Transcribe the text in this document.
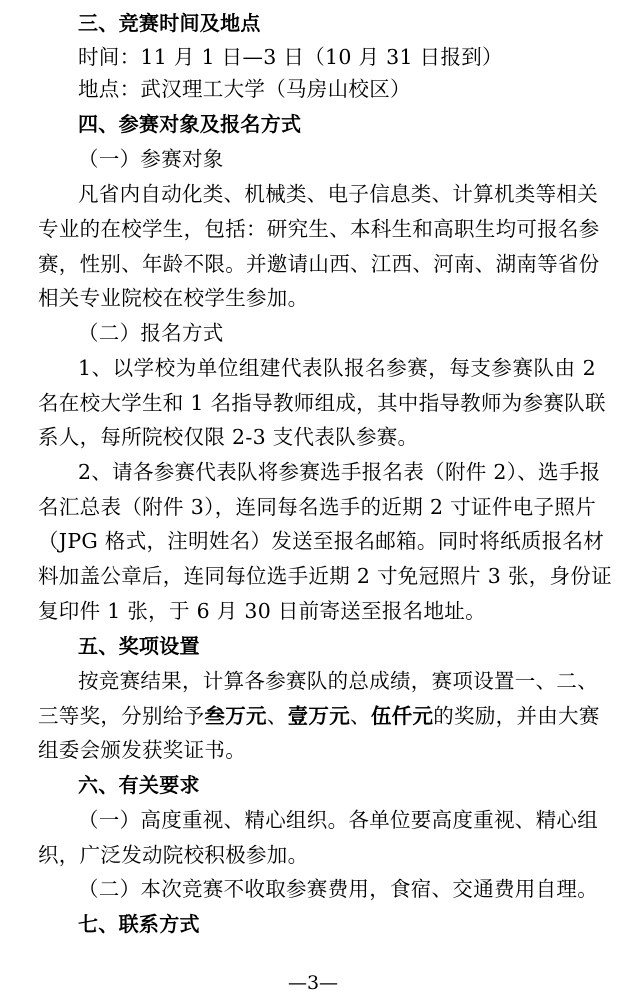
三、竞赛时间及地点
时间：11 月 1 日—3 日（10 月 31 日报到）
地点：武汉理工大学（马房山校区）
四、参赛对象及报名方式
（一）参赛对象
凡省内自动化类、机械类、电子信息类、计算机类等相关
专业的在校学生，包括：研究生、本科生和高职生均可报名参
赛，性别、年龄不限。并邀请山西、江西、河南、湖南等省份
相关专业院校在校学生参加。
（二）报名方式
1、以学校为单位组建代表队报名参赛，每支参赛队由 2
名在校大学生和 1 名指导教师组成，其中指导教师为参赛队联
系人，每所院校仅限 2-3 支代表队参赛。
2、请各参赛代表队将参赛选手报名表（附件 2）、选手报
名汇总表（附件 3），连同每名选手的近期 2 寸证件电子照片
（JPG 格式，注明姓名）发送至报名邮箱。同时将纸质报名材
料加盖公章后，连同每位选手近期 2 寸免冠照片 3 张，身份证
复印件 1 张，于 6 月 30 日前寄送至报名地址。
五、奖项设置
按竞赛结果，计算各参赛队的总成绩，赛项设置一、二、
三等奖，分别给予叁万元、壹万元、伍仟元的奖励，并由大赛
组委会颁发获奖证书。
六、有关要求
（一）高度重视、精心组织。各单位要高度重视、精心组
织，广泛发动院校积极参加。
（二）本次竞赛不收取参赛费用，食宿、交通费用自理。
七、联系方式
—3—
